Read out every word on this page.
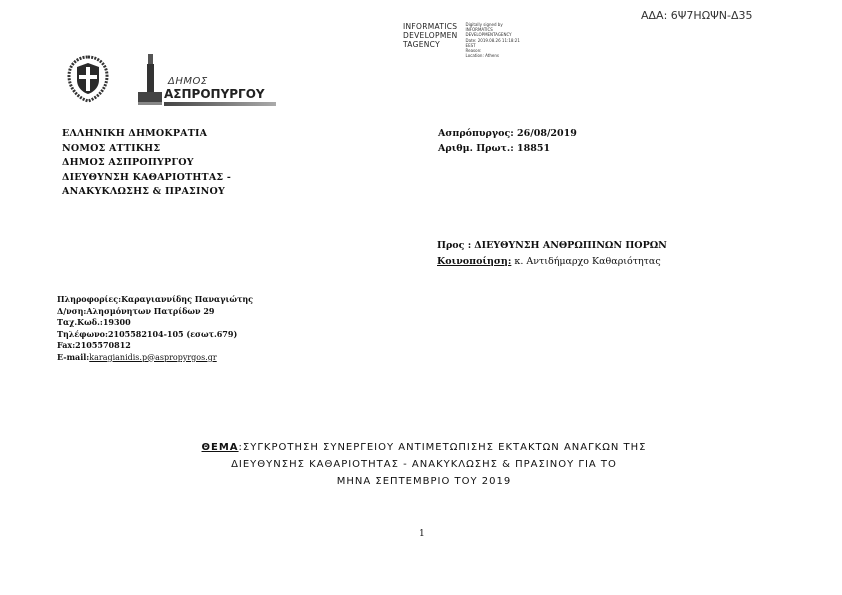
ΑΔΑ: 6Ψ7ΗΩΨΝ-Δ35
INFORMATICS
DEVELOPMEN
TAGENCY
Digitally signed by
INFORMATICS
DEVELOPMENTAGENCY
Date: 2019.08.26 11:18:21
EEST
Reason:
Location: Athens
ΔΗΜΟΣ
ΑΣΠΡΟΠΥΡΓΟΥ
ΕΛΛΗΝΙΚΗ ΔΗΜΟΚΡΑΤΙΑ
ΝΟΜΟΣ ΑΤΤΙΚΗΣ
ΔΗΜΟΣ ΑΣΠΡΟΠΥΡΓΟΥ
ΔΙΕΥΘΥΝΣΗ ΚΑΘΑΡΙΟΤΗΤΑΣ -
ΑΝΑΚΥΚΛΩΣΗΣ & ΠΡΑΣΙΝΟΥ
Ασπρόπυργος: 26/08/2019
Αριθμ. Πρωτ.: 18851
Προς : ΔΙΕΥΘΥΝΣΗ ΑΝΘΡΩΠΙΝΩΝ ΠΟΡΩΝ
Κοινοποίηση: κ. Αντιδήμαρχο Καθαριότητας
Πληροφορίες:Καραγιαννίδης Παναγιώτης
Δ/νση:Αλησμόνητων Πατρίδων 29
Ταχ.Κωδ.:19300
Τηλέφωνο:2105582104-105 (εσωτ.679)
Fax:2105570812
E-mail:karagianidis.p@aspropyrgos.gr
ΘΕΜΑ:ΣΥΓΚΡΟΤΗΣΗ ΣΥΝΕΡΓΕΙΟΥ ΑΝΤΙΜΕΤΩΠΙΣΗΣ ΕΚΤΑΚΤΩΝ ΑΝΑΓΚΩΝ ΤΗΣ
ΔΙΕΥΘΥΝΣΗΣ ΚΑΘΑΡΙΟΤΗΤΑΣ - ΑΝΑΚΥΚΛΩΣΗΣ & ΠΡΑΣΙΝΟΥ ΓΙΑ ΤΟ
ΜΗΝΑ ΣΕΠΤΕΜΒΡΙΟ ΤΟΥ 2019
1
